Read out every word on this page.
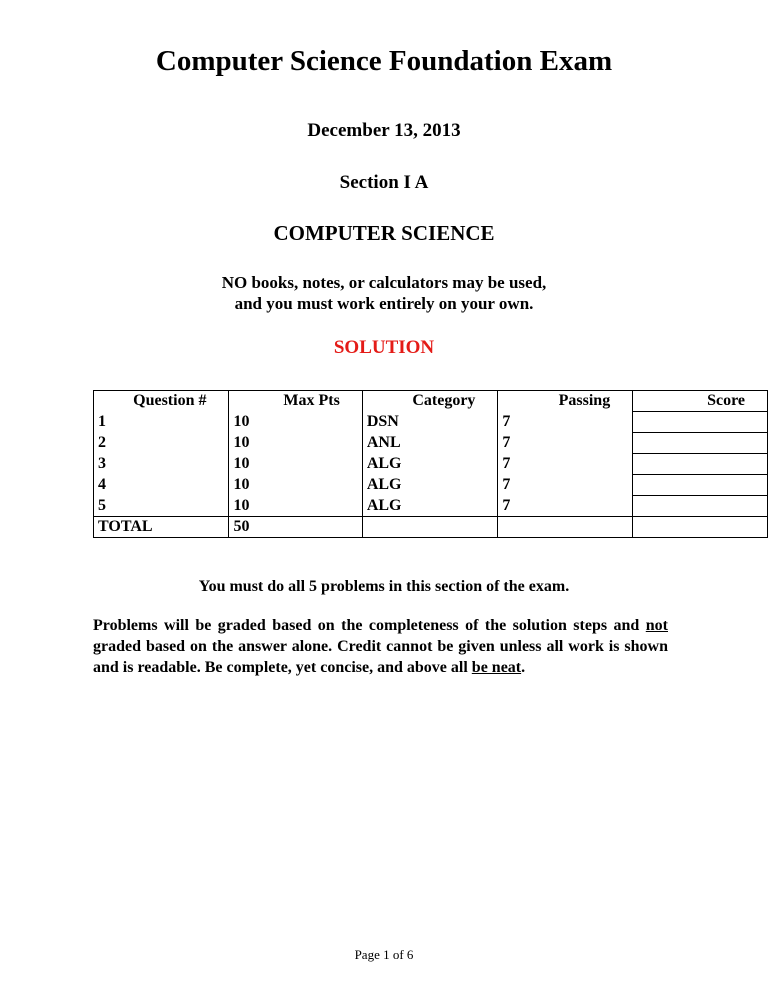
Computer Science Foundation Exam
December 13, 2013
Section I A
COMPUTER SCIENCE
NO books, notes, or calculators may be used,
and you must work entirely on your own.
SOLUTION
Question #	Max Pts	Category	Passing	Score
1	10	DSN	7	
2	10	ANL	7	
3	10	ALG	7	
4	10	ALG	7	
5	10	ALG	7	
TOTAL	50			
You must do all 5 problems in this section of the exam.
Problems will be graded based on the completeness of the solution steps and not graded based on the answer alone. Credit cannot be given unless all work is shown and is readable. Be complete, yet concise, and above all be neat.
Page 1 of 6
